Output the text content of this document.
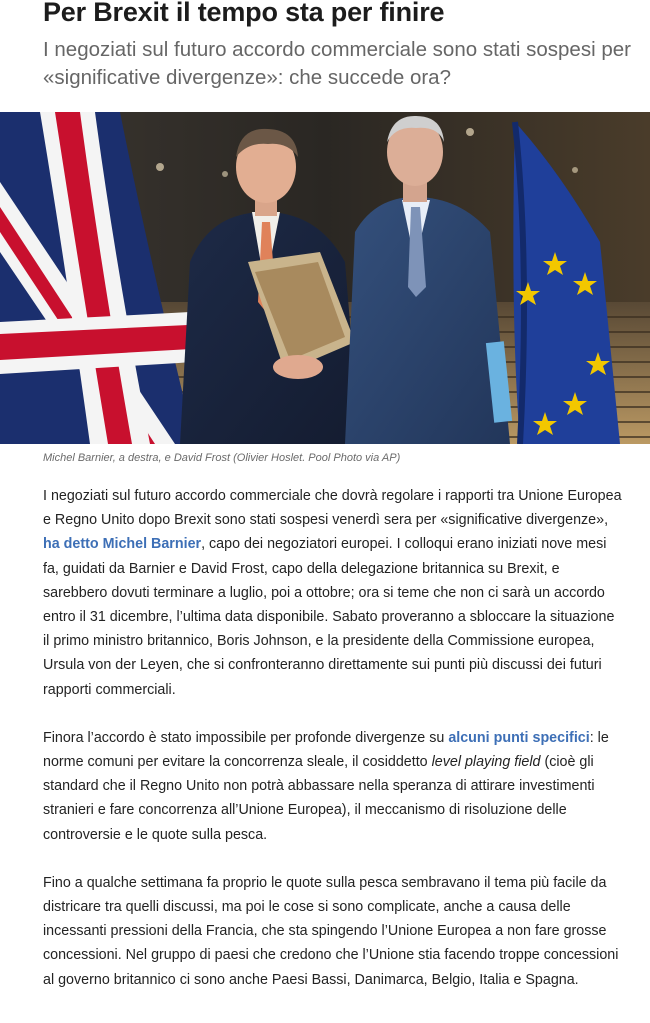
Per Brexit il tempo sta per finire

I negoziati sul futuro accordo commerciale sono stati sospesi per «significative divergenze»: che succede ora?

Michel Barnier, a destra, e David Frost (Olivier Hoslet. Pool Photo via AP)

I negoziati sul futuro accordo commerciale che dovrà regolare i rapporti tra Unione Europea e Regno Unito dopo Brexit sono stati sospesi venerdì sera per «significative divergenze», ha detto Michel Barnier, capo dei negoziatori europei. I colloqui erano iniziati nove mesi fa, guidati da Barnier e David Frost, capo della delegazione britannica su Brexit, e sarebbero dovuti terminare a luglio, poi a ottobre; ora si teme che non ci sarà un accordo entro il 31 dicembre, l’ultima data disponibile. Sabato proveranno a sbloccare la situazione il primo ministro britannico, Boris Johnson, e la presidente della Commissione europea, Ursula von der Leyen, che si confronteranno direttamente sui punti più discussi dei futuri rapporti commerciali.

Finora l’accordo è stato impossibile per profonde divergenze su alcuni punti specifici: le norme comuni per evitare la concorrenza sleale, il cosiddetto level playing field (cioè gli standard che il Regno Unito non potrà abbassare nella speranza di attirare investimenti stranieri e fare concorrenza all’Unione Europea), il meccanismo di risoluzione delle controversie e le quote sulla pesca.

Fino a qualche settimana fa proprio le quote sulla pesca sembravano il tema più facile da districare tra quelli discussi, ma poi le cose si sono complicate, anche a causa delle incessanti pressioni della Francia, che sta spingendo l’Unione Europea a non fare grosse concessioni. Nel gruppo di paesi che credono che l’Unione stia facendo troppe concessioni al governo britannico ci sono anche Paesi Bassi, Danimarca, Belgio, Italia e Spagna.
